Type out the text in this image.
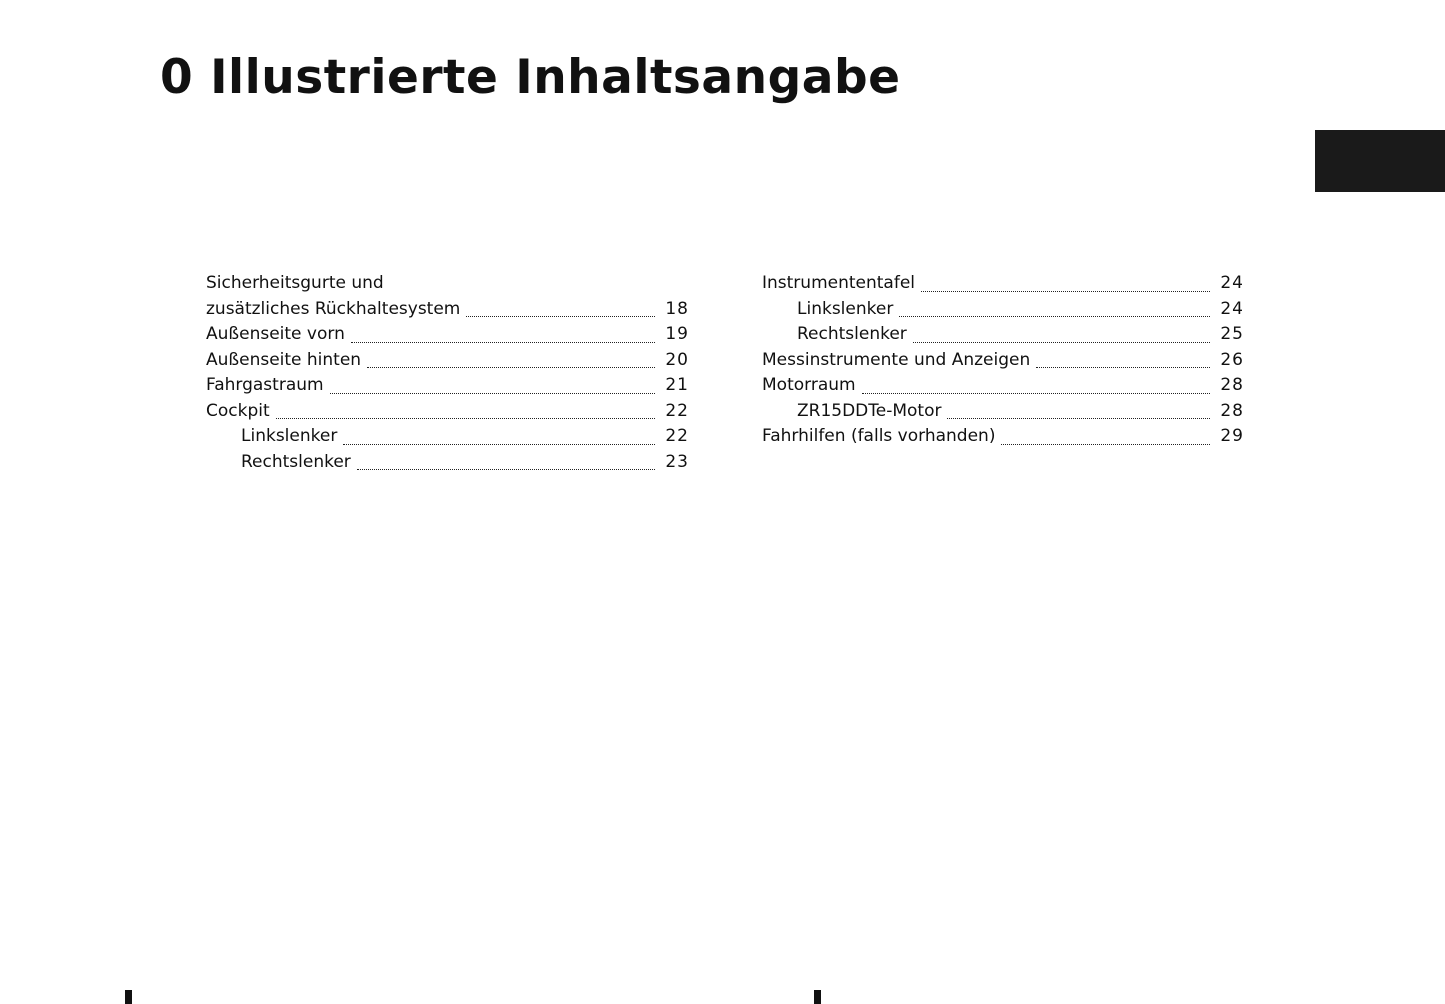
0 Illustrierte Inhaltsangabe
Sicherheitsgurte und
zusätzliches Rückhaltesystem	18
Außenseite vorn	19
Außenseite hinten	20
Fahrgastraum	21
Cockpit	22
Linkslenker	22
Rechtslenker	23
Instrumententafel	24
Linkslenker	24
Rechtslenker	25
Messinstrumente und Anzeigen	26
Motorraum	28
ZR15DDTe-Motor	28
Fahrhilfen (falls vorhanden)	29
